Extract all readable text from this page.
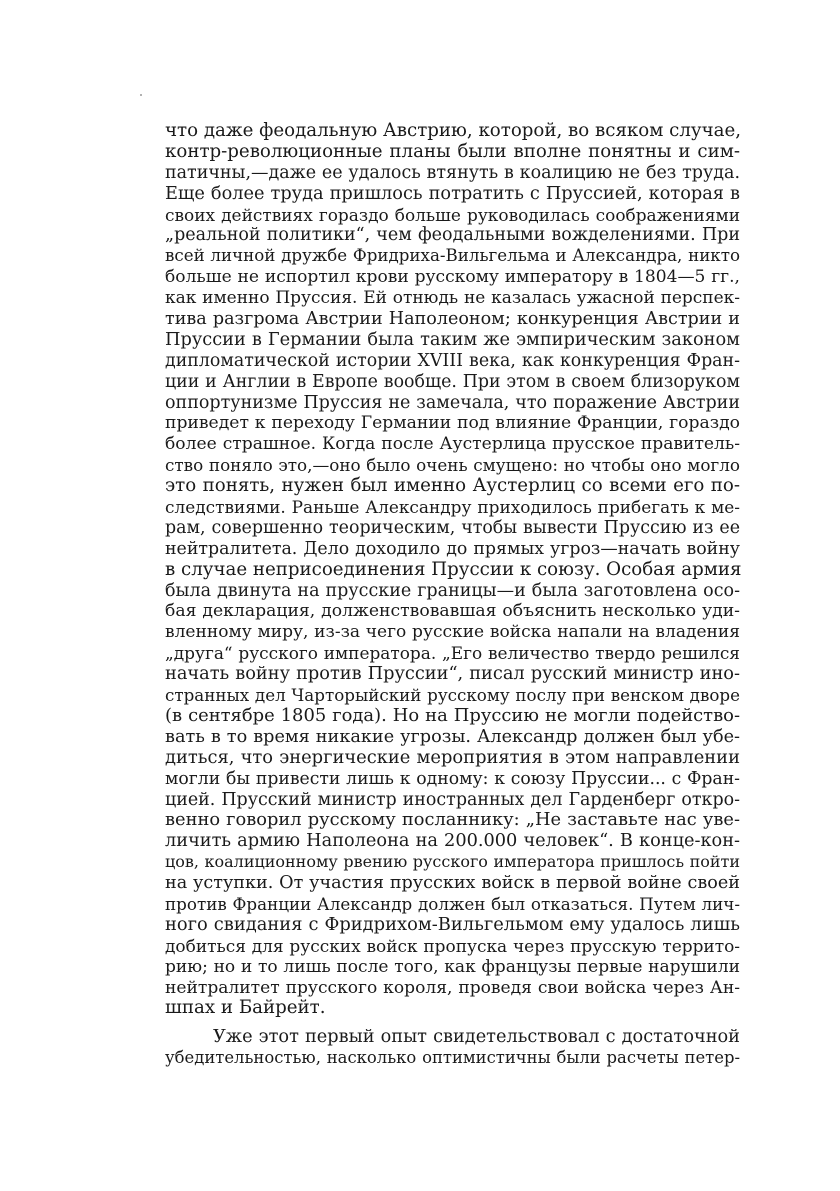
что даже феодальную Австрию, которой, во всяком случае,
контр-революционные планы были вполне понятны и сим-
патичны,—даже ее удалось втянуть в коалицию не без труда.
Еще более труда пришлось потратить с Пруссией, которая в
своих действиях гораздо больше руководилась соображениями
„реальной политики“, чем феодальными вожделениями. При
всей личной дружбе Фридриха-Вильгельма и Александра, никто
больше не испортил крови русскому императору в 1804—5 гг.,
как именно Пруссия. Ей отнюдь не казалась ужасной перспек-
тива разгрома Австрии Наполеоном; конкуренция Австрии и
Пруссии в Германии была таким же эмпирическим законом
дипломатической истории XVIII века, как конкуренция Фран-
ции и Англии в Европе вообще. При этом в своем близоруком
оппортунизме Пруссия не замечала, что поражение Австрии
приведет к переходу Германии под влияние Франции, гораздо
более страшное. Когда после Аустерлица прусское правитель-
ство поняло это,—оно было очень смущено: но чтобы оно могло
это понять, нужен был именно Аустерлиц со всеми его по-
следствиями. Раньше Александру приходилось прибегать к ме-
рам, совершенно теорическим, чтобы вывести Пруссию из ее
нейтралитета. Дело доходило до прямых угроз—начать войну
в случае неприсоединения Пруссии к союзу. Особая армия
была двинута на прусские границы—и была заготовлена осо-
бая декларация, долженствовавшая объяснить несколько уди-
вленному миру, из-за чего русские войска напали на владения
„друга“ русского императора. „Его величество твердо решился
начать войну против Пруссии“, писал русский министр ино-
странных дел Чарторыйский русскому послу при венском дворе
(в сентябре 1805 года). Но на Пруссию не могли подейство-
вать в то время никакие угрозы. Александр должен был убе-
диться, что энергические мероприятия в этом направлении
могли бы привести лишь к одному: к союзу Пруссии... с Фран-
цией. Прусский министр иностранных дел Гарденберг откро-
венно говорил русскому посланнику: „Не заставьте нас уве-
личить армию Наполеона на 200.000 человек“. В конце-кон-
цов, коалиционному рвению русского императора пришлось пойти
на уступки. От участия прусских войск в первой войне своей
против Франции Александр должен был отказаться. Путем лич-
ного свидания с Фридрихом-Вильгельмом ему удалось лишь
добиться для русских войск пропуска через прусскую террито-
рию; но и то лишь после того, как французы первые нарушили
нейтралитет прусского короля, проведя свои войска через Ан-
шпах и Байрейт.
Уже этот первый опыт свидетельствовал с достаточной
убедительностью, насколько оптимистичны были расчеты петер-
